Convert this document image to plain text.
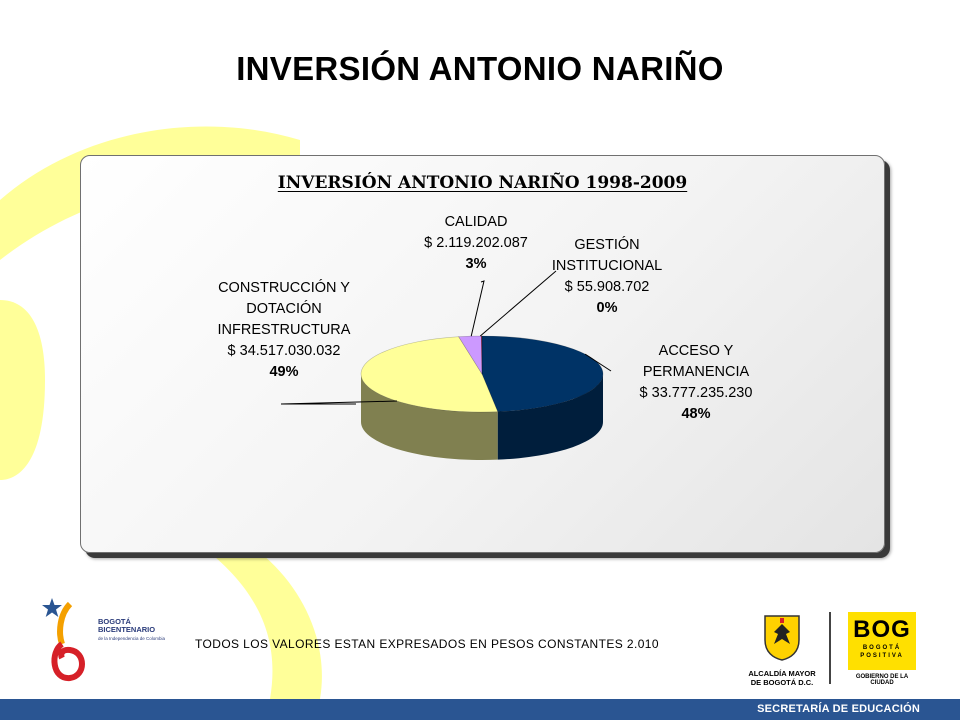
INVERSIÓN ANTONIO NARIÑO
INVERSIÓN ANTONIO NARIÑO 1998-2009
CALIDAD
$ 2.119.202.087
3%
GESTIÓN
INSTITUCIONAL
$ 55.908.702
0%
CONSTRUCCIÓN Y
DOTACIÓN
INFRESTRUCTURA
$ 34.517.030.032
49%
ACCESO Y
PERMANENCIA
$ 33.777.235.230
48%
BOGOTÁ
BICENTENARIO
de la Independencia de Colombia TODOS LOS VALORES ESTAN EXPRESADOS EN PESOS CONSTANTES 2.010
ALCALDÍA MAYOR
DE BOGOTÁ D.C.
BOG
BOGOTÁ
POSITIVA
GOBIERNO DE LA CIUDAD
SECRETARÍA DE EDUCACIÓN
